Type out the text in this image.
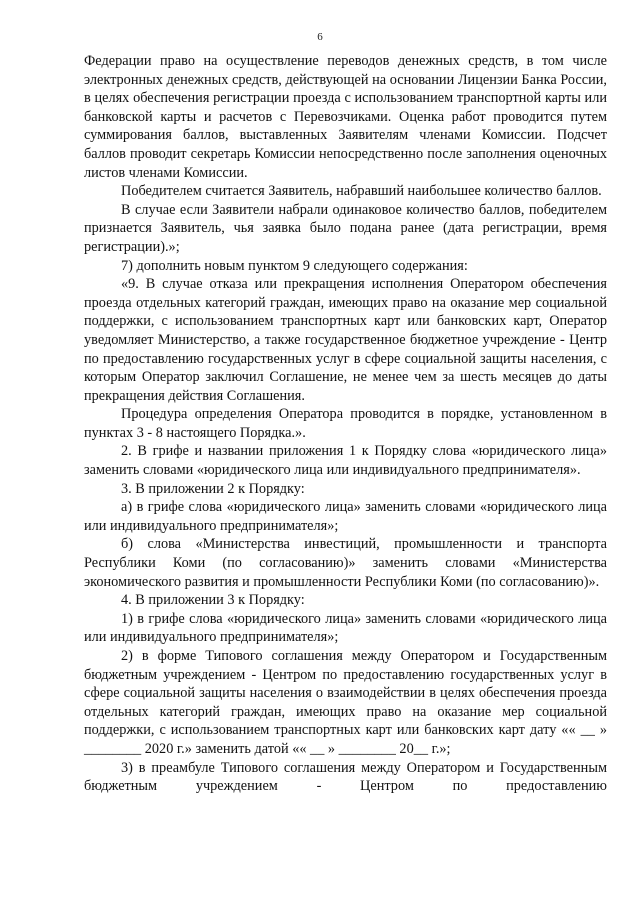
6

Федерации право на осуществление переводов денежных средств, в том числе электронных денежных средств, действующей на основании Лицензии Банка России, в целях обеспечения регистрации проезда с использованием транспортной карты или банковской карты и расчетов с Перевозчиками. Оценка работ проводится путем суммирования баллов, выставленных Заявителям членами Комиссии. Подсчет баллов проводит секретарь Комиссии непосредственно после заполнения оценочных листов членами Комиссии.

Победителем считается Заявитель, набравший наибольшее количество баллов.

В случае если Заявители набрали одинаковое количество баллов, победителем признается Заявитель, чья заявка было подана ранее (дата регистрации, время регистрации).»;

7) дополнить новым пунктом 9 следующего содержания:

«9. В случае отказа или прекращения исполнения Оператором обеспечения проезда отдельных категорий граждан, имеющих право на оказание мер социальной поддержки, с использованием транспортных карт или банковских карт, Оператор уведомляет Министерство, а также государственное бюджетное учреждение - Центр по предоставлению государственных услуг в сфере социальной защиты населения, с которым Оператор заключил Соглашение, не менее чем за шесть месяцев до даты прекращения действия Соглашения.

Процедура определения Оператора проводится в порядке, установленном в пунктах 3 - 8 настоящего Порядка.».

2. В грифе и названии приложения 1 к Порядку слова «юридического лица» заменить словами «юридического лица или индивидуального предпринимателя».

3. В приложении 2 к Порядку:

а) в грифе слова «юридического лица» заменить словами «юридического лица или индивидуального предпринимателя»;

б) слова «Министерства инвестиций, промышленности и транспорта Республики Коми (по согласованию)» заменить словами «Министерства экономического развития и промышленности Республики Коми (по согласованию)».

4. В приложении 3 к Порядку:

1) в грифе слова «юридического лица» заменить словами «юридического лица или индивидуального предпринимателя»;

2) в форме Типового соглашения между Оператором и Государственным бюджетным учреждением - Центром по предоставлению государственных услуг в сфере социальной защиты населения о взаимодействии в целях обеспечения проезда отдельных категорий граждан, имеющих право на оказание мер социальной поддержки, с использованием транспортных карт или банковских карт дату «« __ » ________ 2020 г.» заменить датой «« __ » ________ 20__ г.»;

3) в преамбуле Типового соглашения между Оператором и Государственным бюджетным учреждением - Центром по предоставлению
